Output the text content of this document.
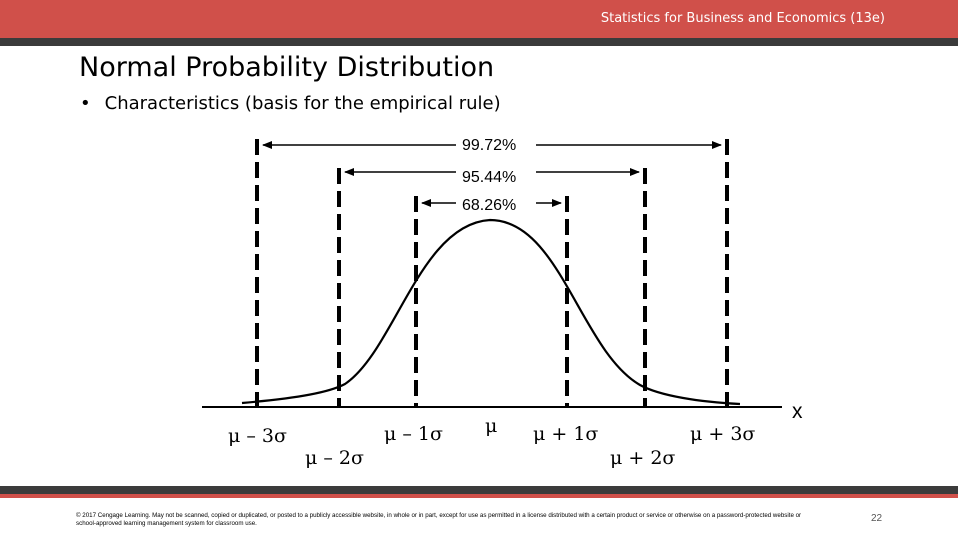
Statistics for Business and Economics (13e)
Normal Probability Distribution
• Characteristics (basis for the empirical rule)
99.72%
95.44%
68.26%
μ – 3σ
μ – 2σ
μ – 1σ μ μ + 1σ
μ + 2σ
μ + 3σ
x
© 2017 Cengage Learning. May not be scanned, copied or duplicated, or posted to a publicly accessible website, in whole or in part, except for use as permitted in a license distributed with a certain product or service or otherwise on a password-protected website or school-approved learning management system for classroom use.	22
